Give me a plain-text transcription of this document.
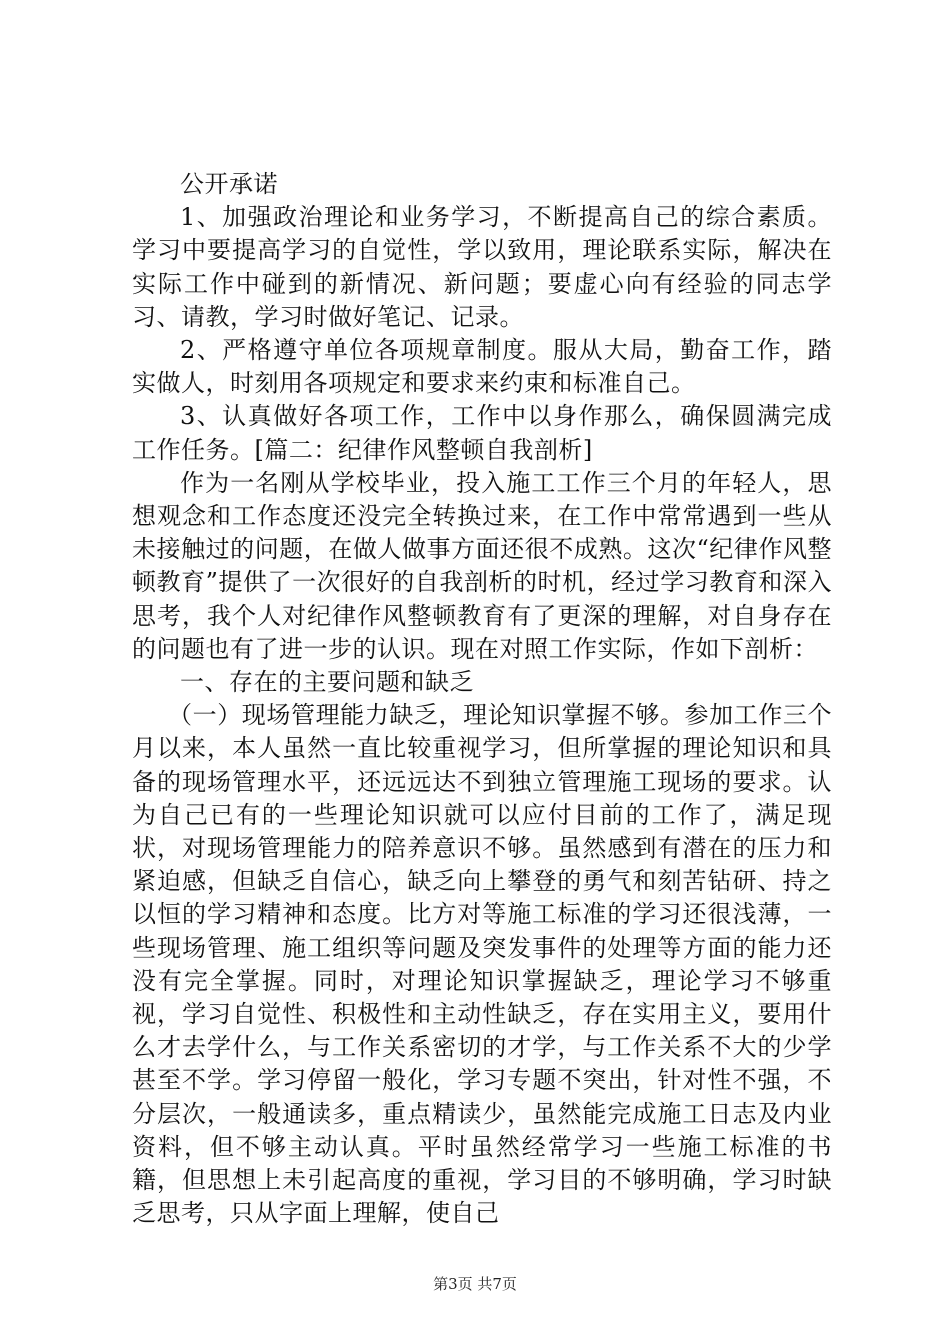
公开承诺

1、加强政治理论和业务学习，不断提高自己的综合素质。学习中要提高学习的自觉性，学以致用，理论联系实际，解决在实际工作中碰到的新情况、新问题；要虚心向有经验的同志学习、请教，学习时做好笔记、记录。

2、严格遵守单位各项规章制度。服从大局，勤奋工作，踏实做人，时刻用各项规定和要求来约束和标准自己。

3、认真做好各项工作，工作中以身作那么，确保圆满完成工作任务。[篇二：纪律作风整顿自我剖析]

作为一名刚从学校毕业，投入施工工作三个月的年轻人，思想观念和工作态度还没完全转换过来，在工作中常常遇到一些从未接触过的问题，在做人做事方面还很不成熟。这次“纪律作风整顿教育”提供了一次很好的自我剖析的时机，经过学习教育和深入思考，我个人对纪律作风整顿教育有了更深的理解，对自身存在的问题也有了进一步的认识。现在对照工作实际，作如下剖析：

一、存在的主要问题和缺乏

（一）现场管理能力缺乏，理论知识掌握不够。参加工作三个月以来，本人虽然一直比较重视学习，但所掌握的理论知识和具备的现场管理水平，还远远达不到独立管理施工现场的要求。认为自己已有的一些理论知识就可以应付目前的工作了，满足现状，对现场管理能力的陪养意识不够。虽然感到有潜在的压力和紧迫感，但缺乏自信心，缺乏向上攀登的勇气和刻苦钻研、持之以恒的学习精神和态度。比方对等施工标准的学习还很浅薄，一些现场管理、施工组织等问题及突发事件的处理等方面的能力还没有完全掌握。同时，对理论知识掌握缺乏，理论学习不够重视，学习自觉性、积极性和主动性缺乏，存在实用主义，要用什么才去学什么，与工作关系密切的才学，与工作关系不大的少学甚至不学。学习停留一般化，学习专题不突出，针对性不强，不分层次，一般通读多，重点精读少，虽然能完成施工日志及内业资料，但不够主动认真。平时虽然经常学习一些施工标准的书籍，但思想上未引起高度的重视，学习目的不够明确，学习时缺乏思考，只从字面上理解，使自己

第3页 共7页
